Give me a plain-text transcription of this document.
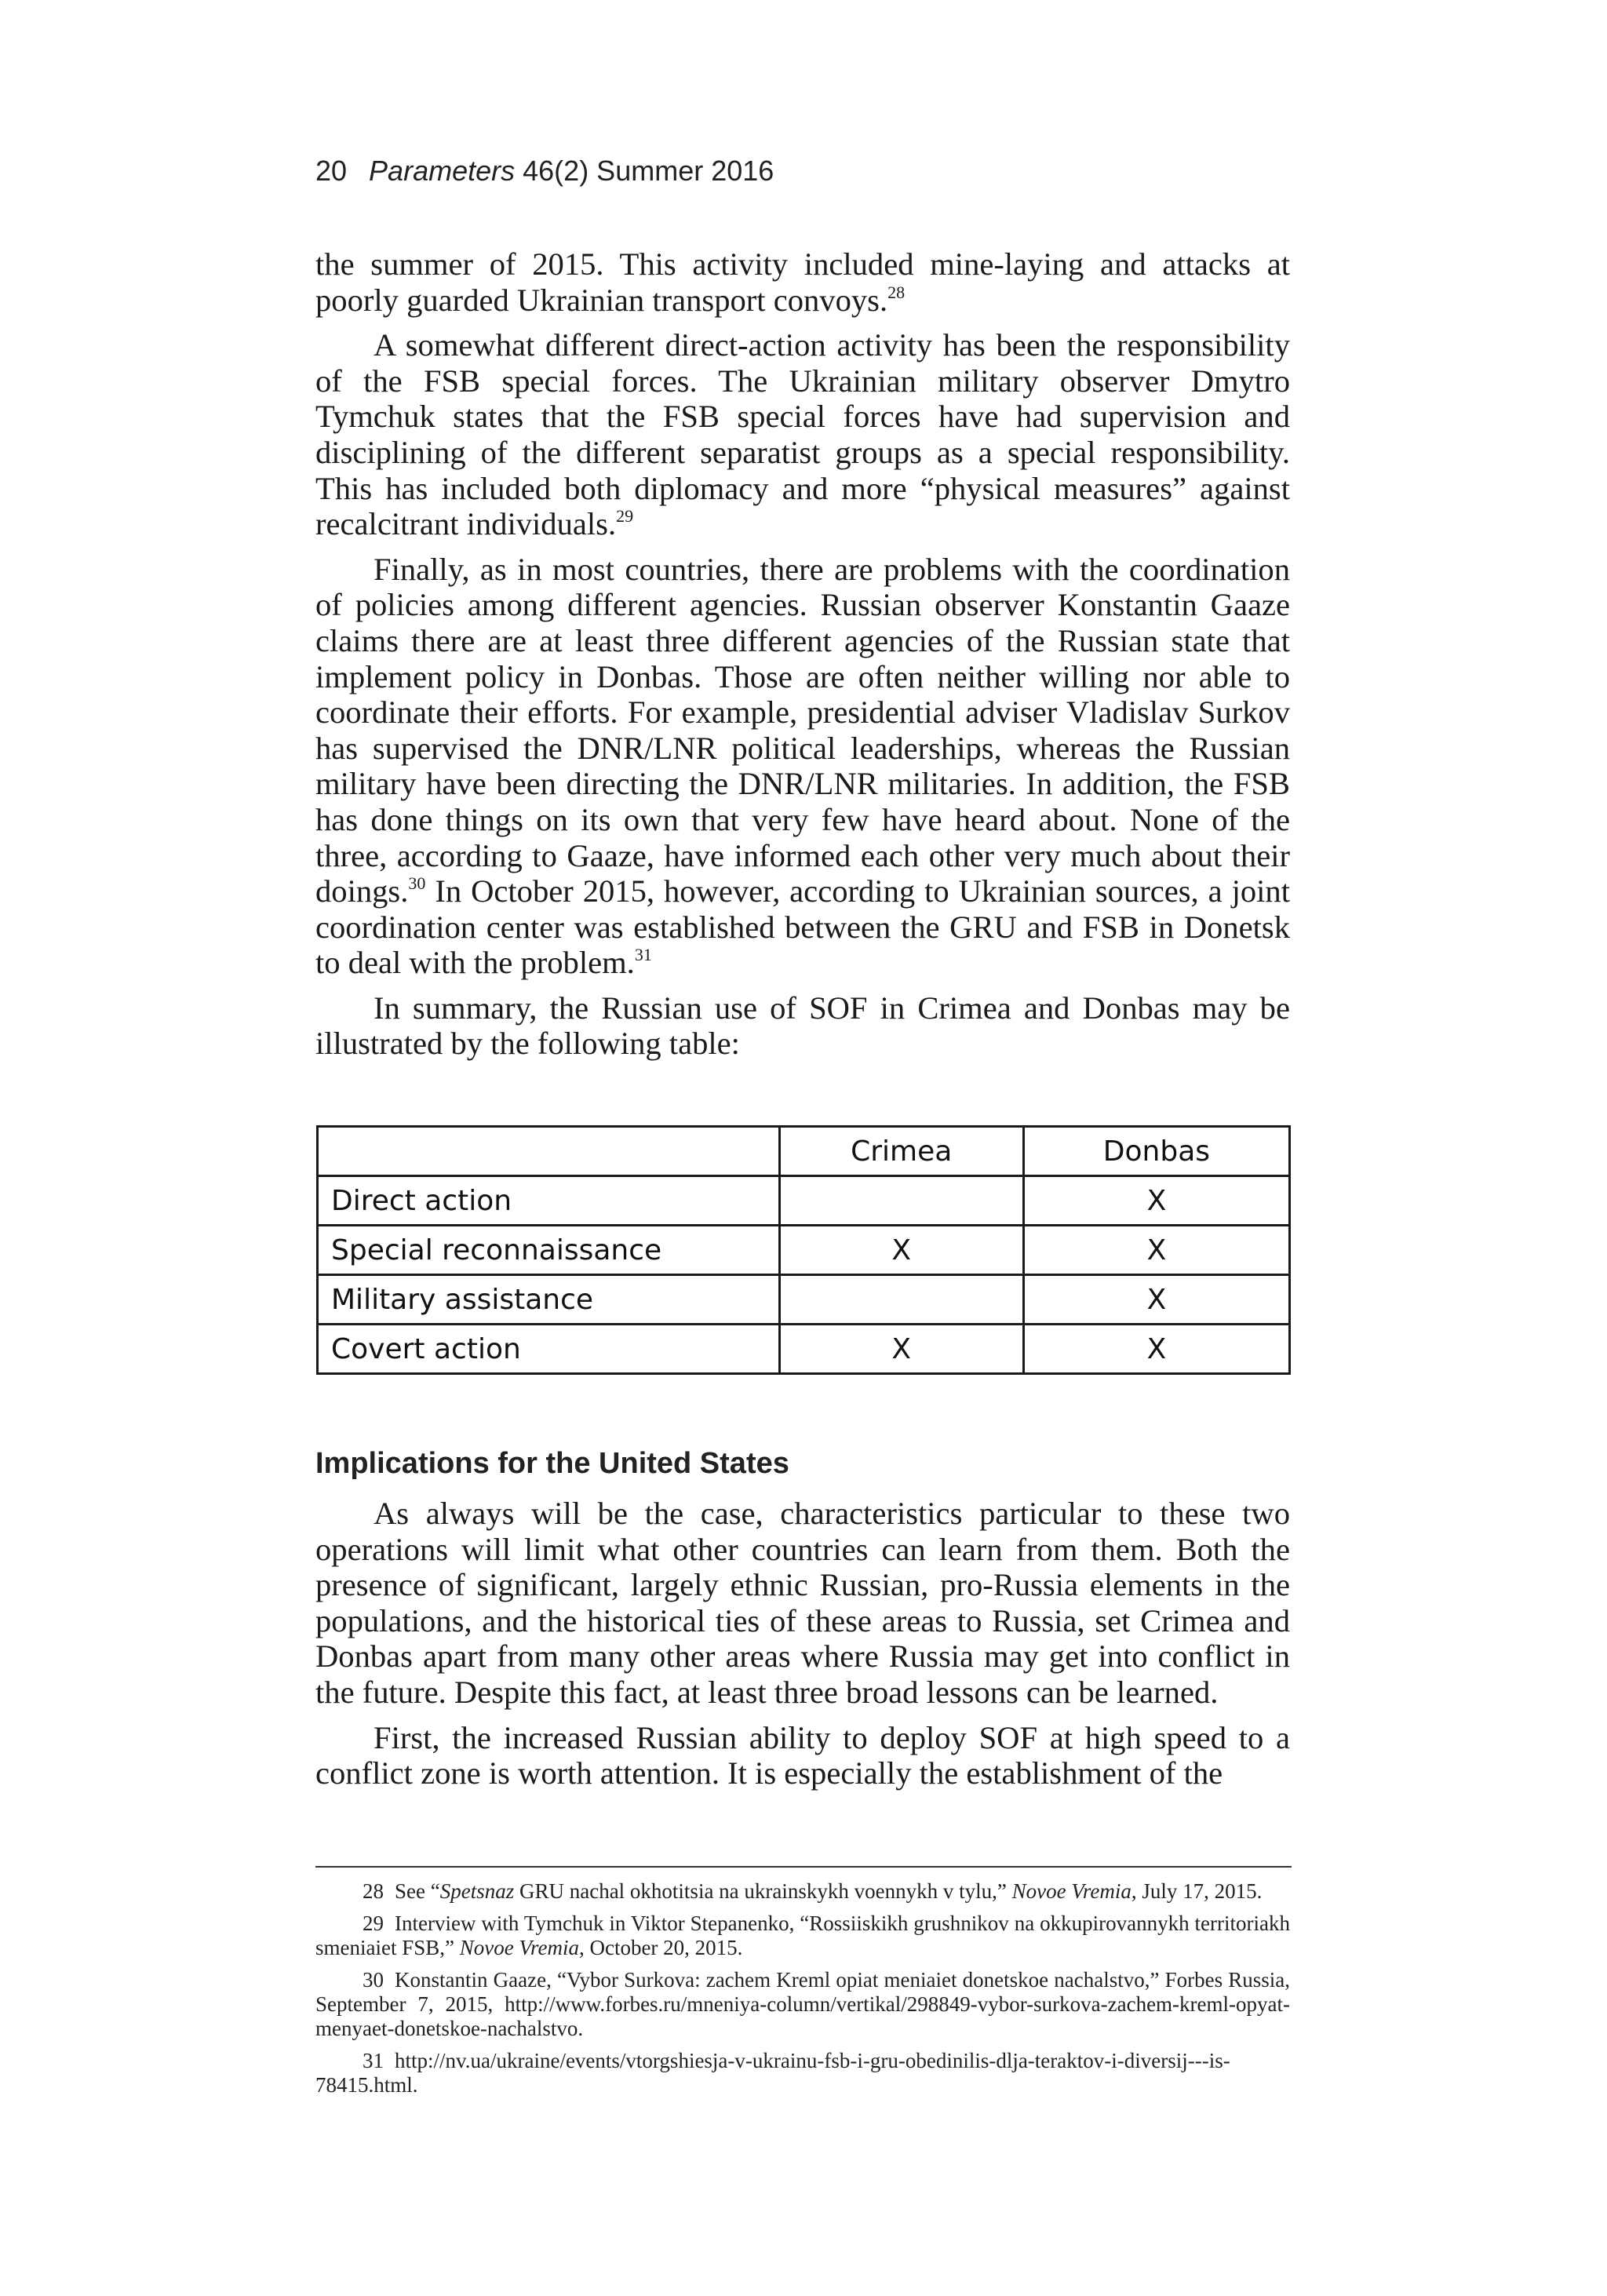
20 Parameters 46(2) Summer 2016

the summer of 2015. This activity included mine-laying and attacks at poorly guarded Ukrainian transport convoys.$^{28}$

A somewhat different direct-action activity has been the responsibility of the FSB special forces. The Ukrainian military observer Dmytro Tymchuk states that the FSB special forces have had supervision and disciplining of the different separatist groups as a special responsibility. This has included both diplomacy and more “physical measures” against recalcitrant individuals.$^{29}$

Finally, as in most countries, there are problems with the coordination of policies among different agencies. Russian observer Konstantin Gaaze claims there are at least three different agencies of the Russian state that implement policy in Donbas. Those are often neither willing nor able to coordinate their efforts. For example, presidential adviser Vladislav Surkov has supervised the DNR/LNR political leaderships, whereas the Russian military have been directing the DNR/LNR militaries. In addition, the FSB has done things on its own that very few have heard about. None of the three, according to Gaaze, have informed each other very much about their doings.$^{30}$ In October 2015, however, according to Ukrainian sources, a joint coordination center was established between the GRU and FSB in Donetsk to deal with the problem.$^{31}$

In summary, the Russian use of SOF in Crimea and Donbas may be illustrated by the following table:

	Crimea	Donbas
Direct action		X
Special reconnaissance	X	X
Military assistance		X
Covert action	X	X
Implications for the United States

As always will be the case, characteristics particular to these two operations will limit what other countries can learn from them. Both the presence of significant, largely ethnic Russian, pro-Russia elements in the populations, and the historical ties of these areas to Russia, set Crimea and Donbas apart from many other areas where Russia may get into conflict in the future. Despite this fact, at least three broad lessons can be learned.

First, the increased Russian ability to deploy SOF at high speed to a conflict zone is worth attention. It is especially the establishment of the

28 See “Spetsnaz GRU nachal okhotitsia na ukrainskykh voennykh v tylu,” Novoe Vremia, July 17, 2015.

29 Interview with Tymchuk in Viktor Stepanenko, “Rossiiskikh grushnikov na okkupirovannykh territoriakh smeniaiet FSB,” Novoe Vremia, October 20, 2015.

30 Konstantin Gaaze, “Vybor Surkova: zachem Kreml opiat meniaiet donetskoe nachalstvo,” Forbes Russia, September 7, 2015, http://www.forbes.ru/mneniya-column/vertikal/298849-vybor-surkova-zachem-kreml-opyat-menyaet-donetskoe-nachalstvo.

31 http://nv.ua/ukraine/events/vtorgshiesja-v-ukrainu-fsb-i-gru-obedinilis-dlja-teraktov-i-diversij---is-78415.html.
